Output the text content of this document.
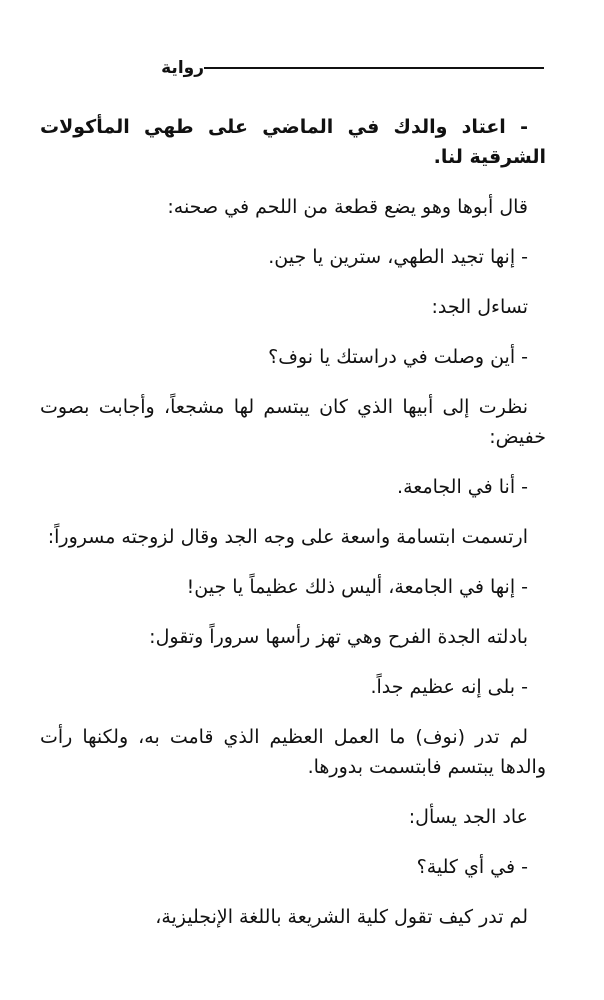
رواية

- اعتاد والدك في الماضي على طهي المأكولات الشرقية لنا.

قال أبوها وهو يضع قطعة من اللحم في صحنه:

- إنها تجيد الطهي، سترين يا جين.

تساءل الجد:

- أين وصلت في دراستك يا نوف؟

نظرت إلى أبيها الذي كان يبتسم لها مشجعاً، وأجابت بصوت خفيض:

- أنا في الجامعة.

ارتسمت ابتسامة واسعة على وجه الجد وقال لزوجته مسروراً:

- إنها في الجامعة، أليس ذلك عظيماً يا جين!

بادلته الجدة الفرح وهي تهز رأسها سروراً وتقول:

- بلى إنه عظيم جداً.

لم تدر (نوف) ما العمل العظيم الذي قامت به، ولكنها رأت والدها يبتسم فابتسمت بدورها.

عاد الجد يسأل:

- في أي كلية؟

لم تدر كيف تقول كلية الشريعة باللغة الإنجليزية،
